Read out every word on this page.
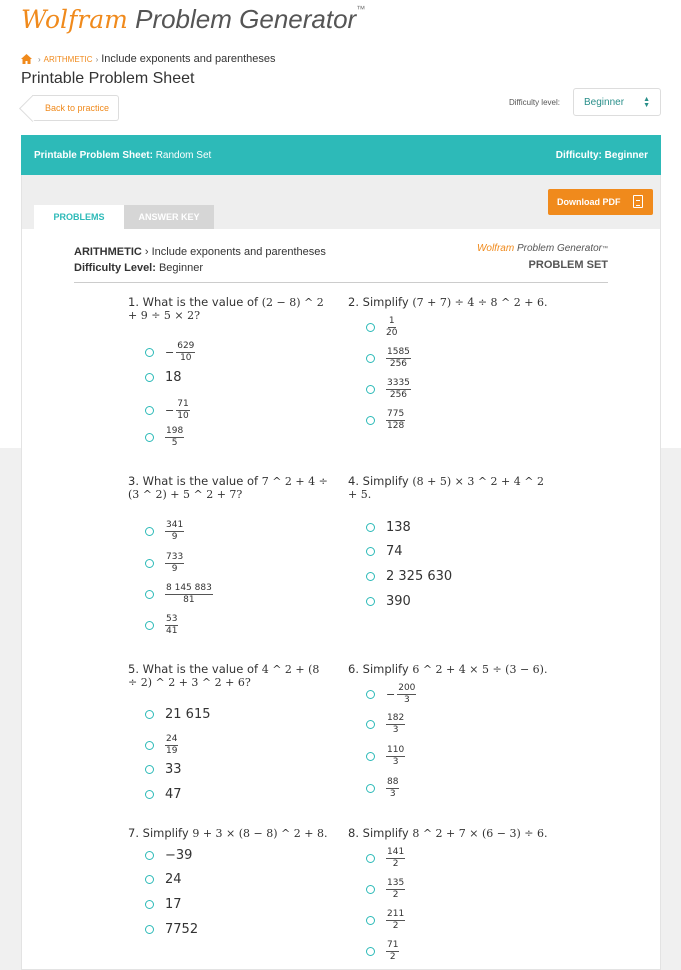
Wolfram Problem Generator™
› ARITHMETIC › Include exponents and parentheses
Printable Problem Sheet
Back to practice
Difficulty level: Beginner	▲
▼
Printable Problem Sheet: Random Set	Difficulty: Beginner
PROBLEMS	ANSWER KEY
Download PDF
ARITHMETIC › Include exponents and parentheses
Difficulty Level: Beginner
Wolfram Problem Generator™
PROBLEM SET
1. What is the value of (2 − 8) ^ 2 + 9 ÷ 5 × 2?
− $\frac{629}{10}$
18
− $\frac{71}{10}$
$\frac{198}{5}$
2. Simplify (7 + 7) ÷ 4 ÷ 8 ^ 2 + 6.
$\frac{1}{20}$
$\frac{1585}{256}$
$\frac{3335}{256}$
$\frac{775}{128}$
3. What is the value of 7 ^ 2 + 4 ÷ (3 ^ 2) + 5 ^ 2 + 7?
$\frac{341}{9}$
$\frac{733}{9}$
$\frac{8 145 883}{81}$
$\frac{53}{41}$
4. Simplify (8 + 5) × 3 ^ 2 + 4 ^ 2 + 5.
138
74
2 325 630
390
5. What is the value of 4 ^ 2 + (8 ÷ 2) ^ 2 + 3 ^ 2 + 6?
21 615
$\frac{24}{19}$
33
47
6. Simplify 6 ^ 2 + 4 × 5 ÷ (3 − 6).
− $\frac{200}{3}$
$\frac{182}{3}$
$\frac{110}{3}$
$\frac{88}{3}$
7. Simplify 9 + 3 × (8 − 8) ^ 2 + 8.
−39
24
17
7752
8. Simplify 8 ^ 2 + 7 × (6 − 3) ÷ 6.
$\frac{141}{2}$
$\frac{135}{2}$
$\frac{211}{2}$
$\frac{71}{2}$
